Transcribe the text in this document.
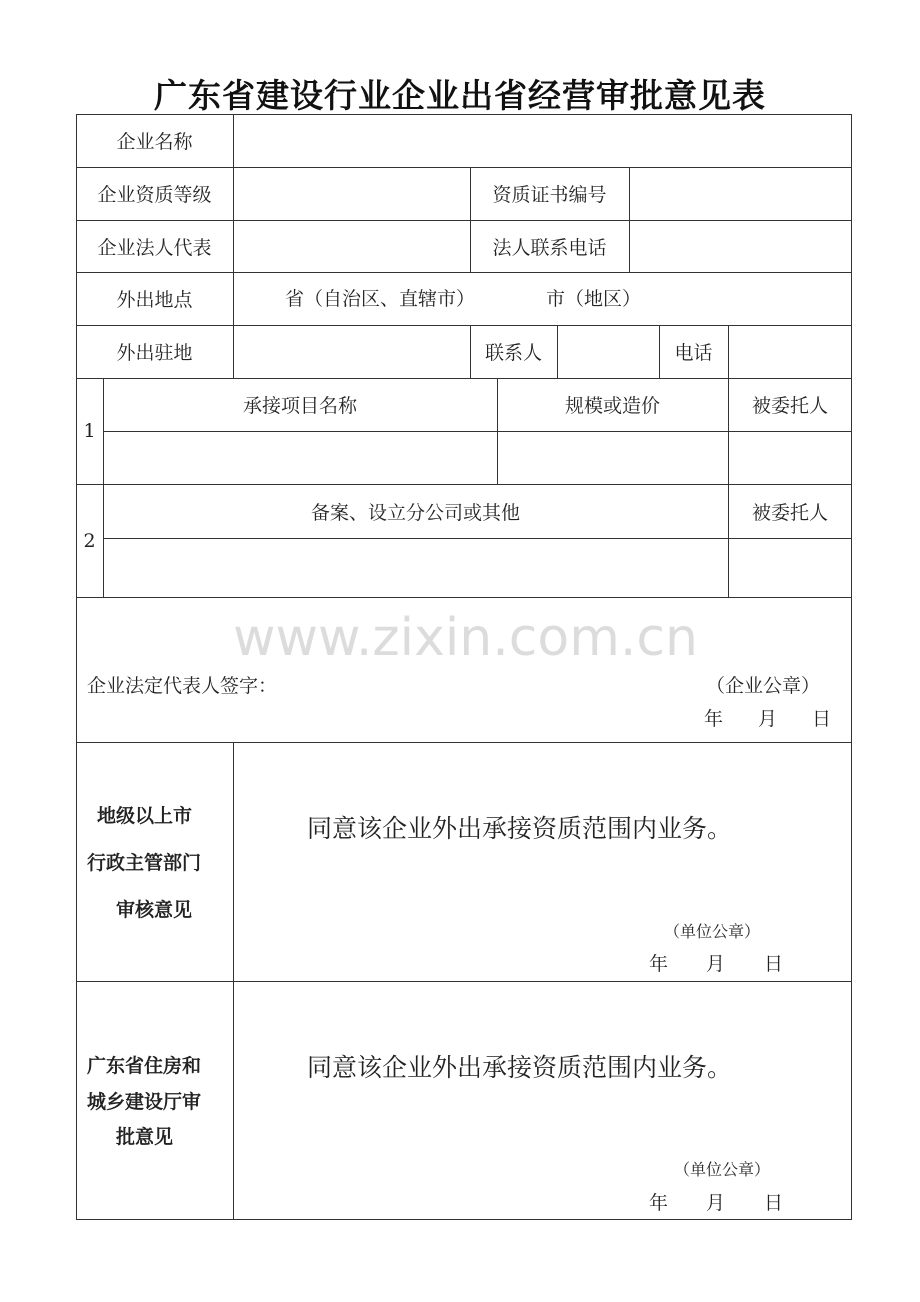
广东省建设行业企业出省经营审批意见表
企业名称
企业资质等级	资质证书编号
企业法人代表	法人联系电话
外出地点	省（自治区、直辖市）	市（地区）
外出驻地	联系人	电话
1
承接项目名称	规模或造价	被委托人
2
备案、设立分公司或其他	被委托人
www.zixin.com.cn
企业法定代表人签字：	（企业公章）
年 月 日
地级以上市
行政主管部门
审核意见
同意该企业外出承接资质范围内业务。
（单位公章）
年 月 日
广东省住房和
城乡建设厅审
批意见
同意该企业外出承接资质范围内业务。
（单位公章）
年 月 日
